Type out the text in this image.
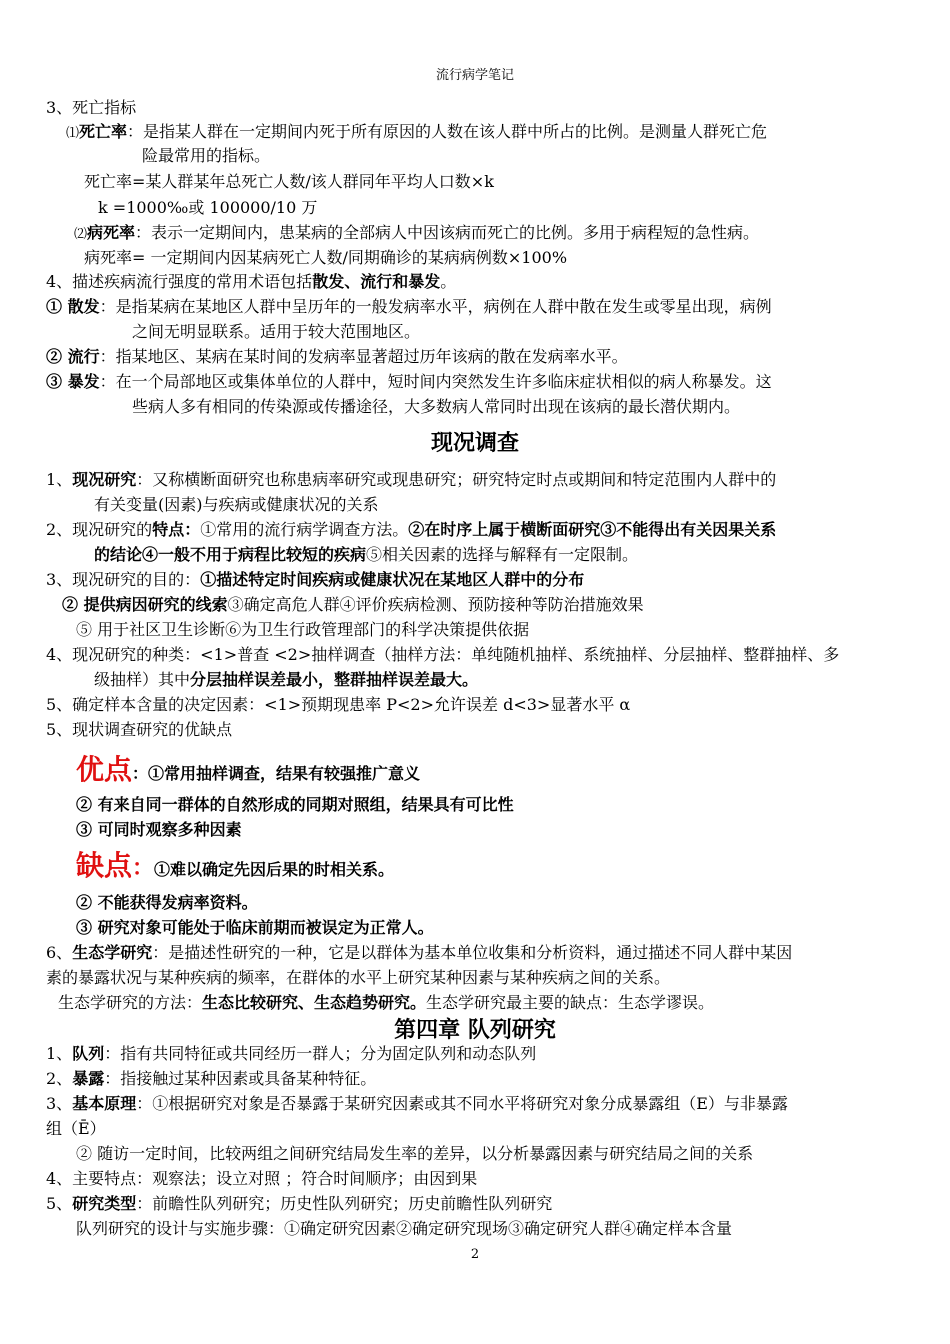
流行病学笔记
3、死亡指标
⑴死亡率：是指某人群在一定期间内死于所有原因的人数在该人群中所占的比例。是测量人群死亡危
险最常用的指标。
死亡率=某人群某年总死亡人数/该人群同年平均人口数×k
k =1000‰或 100000/10 万
⑵病死率：表示一定期间内，患某病的全部病人中因该病而死亡的比例。多用于病程短的急性病。
病死率= 一定期间内因某病死亡人数/同期确诊的某病病例数×100%
4、描述疾病流行强度的常用术语包括散发、流行和暴发。
① 散发：是指某病在某地区人群中呈历年的一般发病率水平，病例在人群中散在发生或零星出现，病例
之间无明显联系。适用于较大范围地区。
② 流行：指某地区、某病在某时间的发病率显著超过历年该病的散在发病率水平。
③ 暴发：在一个局部地区或集体单位的人群中，短时间内突然发生许多临床症状相似的病人称暴发。这
些病人多有相同的传染源或传播途径，大多数病人常同时出现在该病的最长潜伏期内。
现况调查
1、现况研究：又称横断面研究也称患病率研究或现患研究；研究特定时点或期间和特定范围内人群中的
有关变量(因素)与疾病或健康状况的关系
2、现况研究的特点：①常用的流行病学调查方法。②在时序上属于横断面研究③不能得出有关因果关系
的结论④一般不用于病程比较短的疾病⑤相关因素的选择与解释有一定限制。
3、现况研究的目的：①描述特定时间疾病或健康状况在某地区人群中的分布
② 提供病因研究的线索③确定高危人群④评价疾病检测、预防接种等防治措施效果
⑤ 用于社区卫生诊断⑥为卫生行政管理部门的科学决策提供依据
4、现况研究的种类：<1>普查 <2>抽样调查（抽样方法：单纯随机抽样、系统抽样、分层抽样、整群抽样、多
级抽样）其中分层抽样误差最小，整群抽样误差最大。
5、确定样本含量的决定因素：<1>预期现患率 P<2>允许误差 d<3>显著水平 α
5、现状调查研究的优缺点
优点：①常用抽样调查，结果有较强推广意义
② 有来自同一群体的自然形成的同期对照组，结果具有可比性
③ 可同时观察多种因素
缺点：①难以确定先因后果的时相关系。
② 不能获得发病率资料。
③ 研究对象可能处于临床前期而被误定为正常人。
6、生态学研究：是描述性研究的一种，它是以群体为基本单位收集和分析资料，通过描述不同人群中某因
素的暴露状况与某种疾病的频率，在群体的水平上研究某种因素与某种疾病之间的关系。
生态学研究的方法：生态比较研究、生态趋势研究。生态学研究最主要的缺点：生态学谬误。
第四章 队列研究
1、队列：指有共同特征或共同经历一群人；分为固定队列和动态队列
2、暴露：指接触过某种因素或具备某种特征。
3、基本原理：①根据研究对象是否暴露于某研究因素或其不同水平将研究对象分成暴露组（E）与非暴露
组（Ē）
② 随访一定时间，比较两组之间研究结局发生率的差异，以分析暴露因素与研究结局之间的关系
4、主要特点：观察法；设立对照 ；符合时间顺序；由因到果
5、研究类型：前瞻性队列研究；历史性队列研究；历史前瞻性队列研究
队列研究的设计与实施步骤：①确定研究因素②确定研究现场③确定研究人群④确定样本含量
2
